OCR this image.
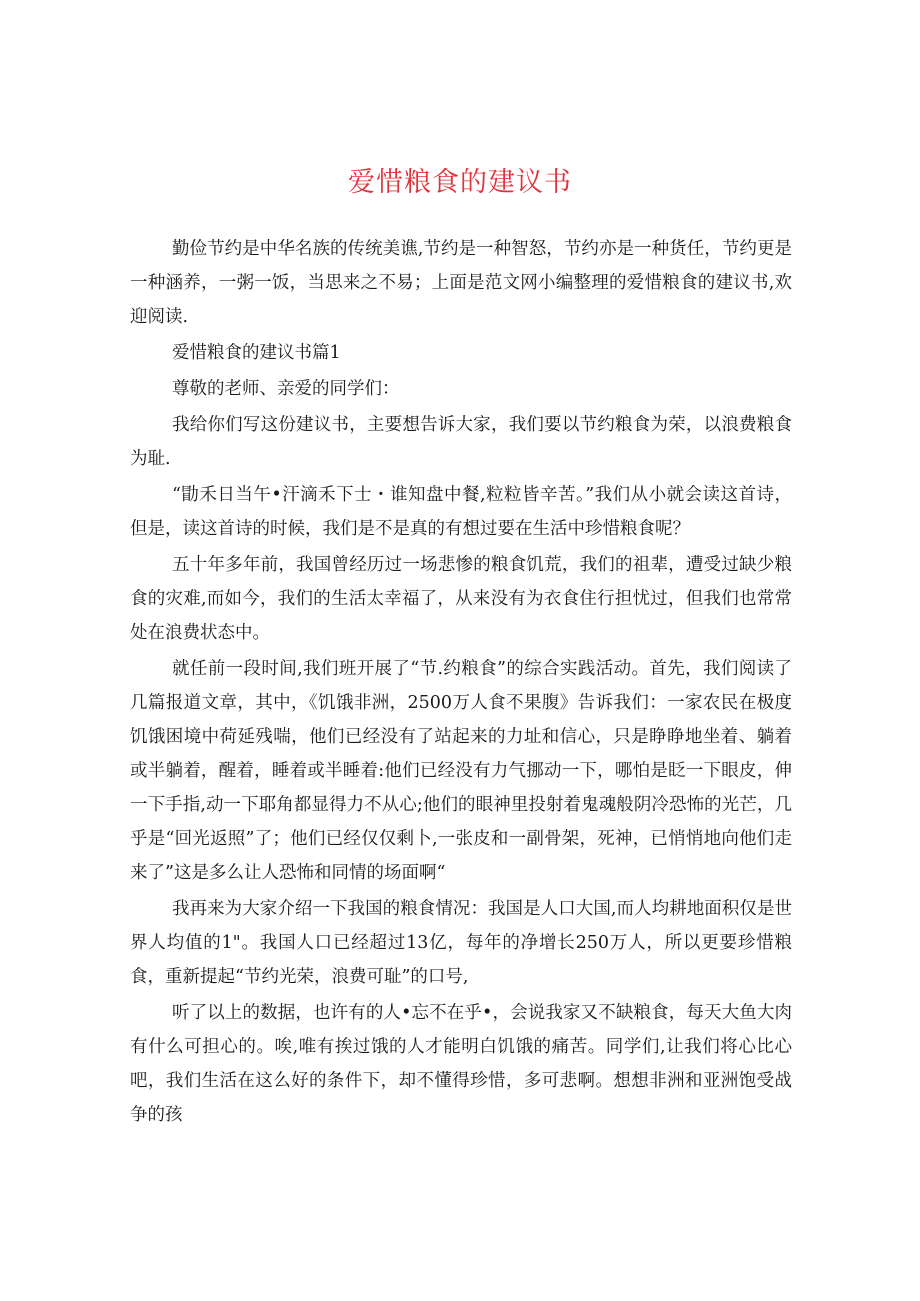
爱惜粮食的建议书

勤俭节约是中华名族的传统美谯,节约是一种智怒，节约亦是一种货任，节约更是一种涵养，一粥一饭，当思来之不易；上面是范文网小编整理的爱惜粮食的建议书,欢迎阅读.

爱惜粮食的建议书篇1

尊敬的老师、亲爱的同学们：

我给你们写这份建议书，主要想告诉大家，我们要以节约粮食为荣，以浪费粮食为耻.

“勖禾日当午•汗滴禾下士・谁知盘中餐,粒粒皆辛苦。”我们从小就会读这首诗，但是，读这首诗的时候，我们是不是真的有想过要在生活中珍惜粮食呢？

五十年多年前，我国曾经历过一场悲惨的粮食饥荒，我们的祖辈，遭受过缺少粮食的灾难,而如今，我们的生活太幸福了，从来没有为衣食住行担忧过，但我们也常常处在浪费状态中。

就任前一段时间,我们班开展了“节.约粮食”的综合实践活动。首先，我们阅读了几篇报道文章，其中，《饥饿非洲，2500万人食不果腹》告诉我们：一家农民在极度饥饿困境中荷延残喘，他们已经没有了站起来的力址和信心，只是睁睁地坐着、躺着或半躺着，醒着，睡着或半睡着:他们已经没有力气挪动一下，哪怕是眨一下眼皮，伸一下手指,动一下耶角都显得力不从心;他们的眼神里投射着鬼魂般阴冷恐怖的光芒，几乎是“回光返照”了；他们已经仅仅剩卜,一张皮和一副骨架，死神，已悄悄地向他们走来了”这是多么让人恐怖和同情的场面啊“

我再来为大家介绍一下我国的粮食情况：我国是人口大国,而人均耕地面积仅是世界人均值的1"。我国人口已经超过13亿，每年的净增长250万人，所以更要珍惜粮食，重新提起“节约光荣，浪费可耻”的口号,

听了以上的数据，也许有的人•忘不在乎•，会说我家又不缺粮食，每天大鱼大肉有什么可担心的。唉,唯有挨过饿的人才能明白饥饿的痛苦。同学们,让我们将心比心吧，我们生活在这么好的条件下，却不懂得珍惜，多可悲啊。想想非洲和亚洲饱受战争的孩
